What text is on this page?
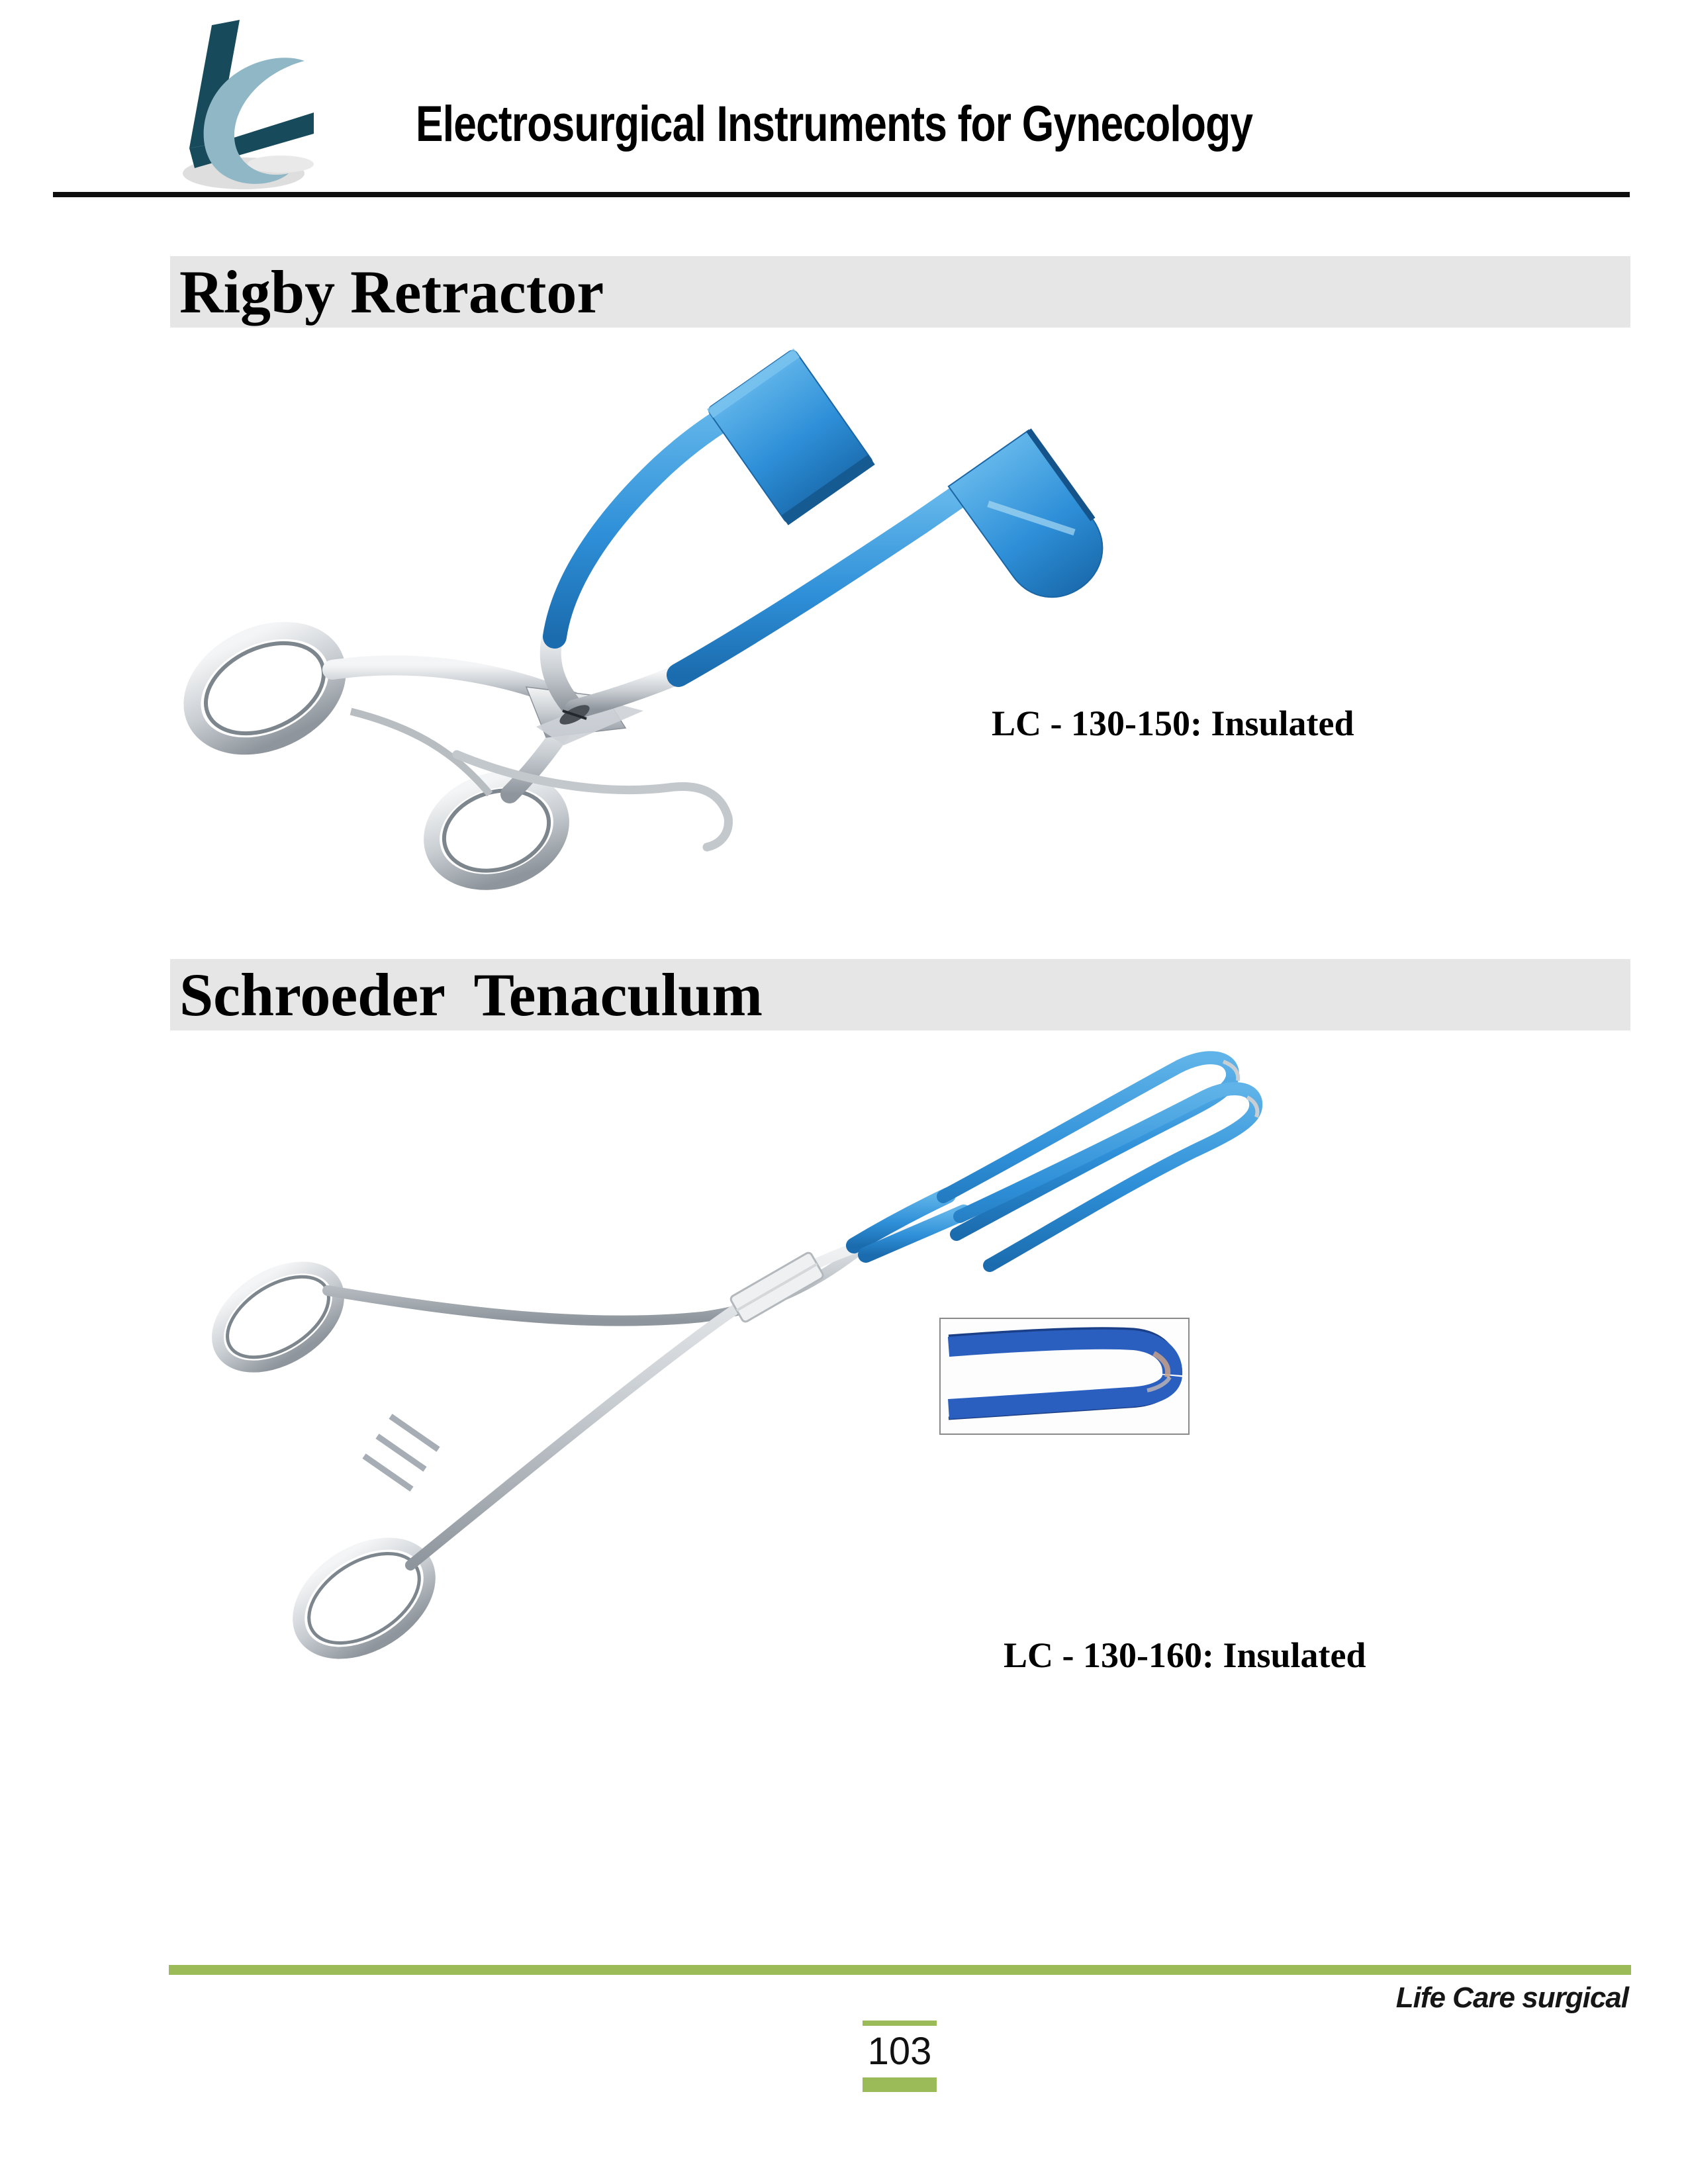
Electrosurgical Instruments for Gynecology
Rigby Retractor
LC - 130-150: Insulated
Schroeder  Tenaculum
LC - 130-160: Insulated
Life Care surgical
103
